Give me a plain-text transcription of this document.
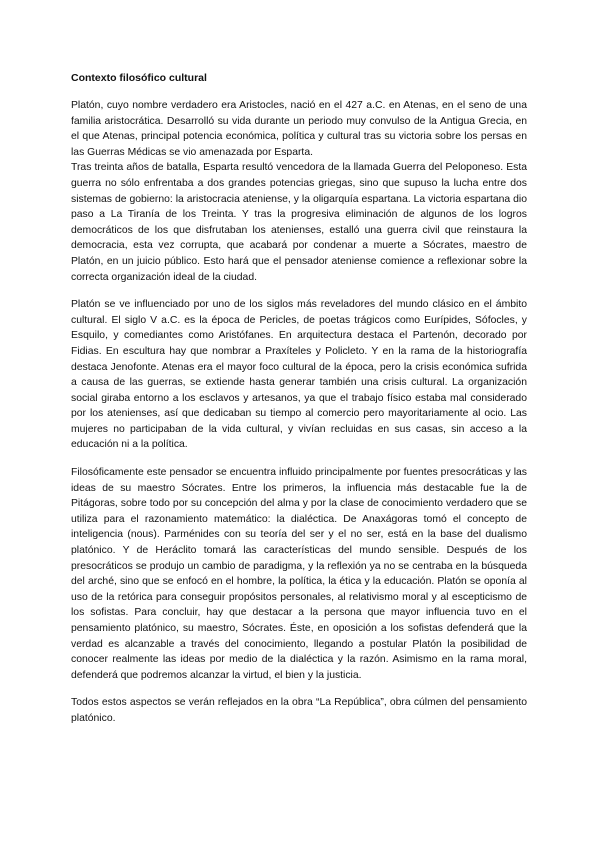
Contexto filosófico cultural

Platón, cuyo nombre verdadero era Aristocles, nació en el 427 a.C. en Atenas, en el seno de una familia aristocrática. Desarrolló su vida durante un periodo muy convulso de la Antigua Grecia, en el que Atenas, principal potencia económica, política y cultural tras su victoria sobre los persas en las Guerras Médicas se vio amenazada por Esparta.

Tras treinta años de batalla, Esparta resultó vencedora de la llamada Guerra del Peloponeso. Esta guerra no sólo enfrentaba a dos grandes potencias griegas, sino que supuso la lucha entre dos sistemas de gobierno: la aristocracia ateniense, y la oligarquía espartana. La victoria espartana dio paso a La Tiranía de los Treinta. Y tras la progresiva eliminación de algunos de los logros democráticos de los que disfrutaban los atenienses, estalló una guerra civil que reinstaura la democracia, esta vez corrupta, que acabará por condenar a muerte a Sócrates, maestro de Platón, en un juicio público. Esto hará que el pensador ateniense comience a reflexionar sobre la correcta organización ideal de la ciudad.

Platón se ve influenciado por uno de los siglos más reveladores del mundo clásico en el ámbito cultural. El siglo V a.C. es la época de Pericles, de poetas trágicos como Eurípides, Sófocles, y Esquilo, y comediantes como Aristófanes. En arquitectura destaca el Partenón, decorado por Fidias. En escultura hay que nombrar a Praxíteles y Policleto. Y en la rama de la historiografía destaca Jenofonte. Atenas era el mayor foco cultural de la época, pero la crisis económica sufrida a causa de las guerras, se extiende hasta generar también una crisis cultural. La organización social giraba entorno a los esclavos y artesanos, ya que el trabajo físico estaba mal considerado por los atenienses, así que dedicaban su tiempo al comercio pero mayoritariamente al ocio. Las mujeres no participaban de la vida cultural, y vivían recluidas en sus casas, sin acceso a la educación ni a la política.

Filosóficamente este pensador se encuentra influido principalmente por fuentes presocráticas y las ideas de su maestro Sócrates. Entre los primeros, la influencia más destacable fue la de Pitágoras, sobre todo por su concepción del alma y por la clase de conocimiento verdadero que se utiliza para el razonamiento matemático: la dialéctica. De Anaxágoras tomó el concepto de inteligencia (nous). Parménides con su teoría del ser y el no ser, está en la base del dualismo platónico. Y de Heráclito tomará las características del mundo sensible. Después de los presocráticos se produjo un cambio de paradigma, y la reflexión ya no se centraba en la búsqueda del arché, sino que se enfocó en el hombre, la política, la ética y la educación. Platón se oponía al uso de la retórica para conseguir propósitos personales, al relativismo moral y al escepticismo de los sofistas. Para concluir, hay que destacar a la persona que mayor influencia tuvo en el pensamiento platónico, su maestro, Sócrates. Éste, en oposición a los sofistas defenderá que la verdad es alcanzable a través del conocimiento, llegando a postular Platón la posibilidad de conocer realmente las ideas por medio de la dialéctica y la razón. Asimismo en la rama moral, defenderá que podremos alcanzar la virtud, el bien y la justicia.

Todos estos aspectos se verán reflejados en la obra “La República”, obra cúlmen del pensamiento platónico.
